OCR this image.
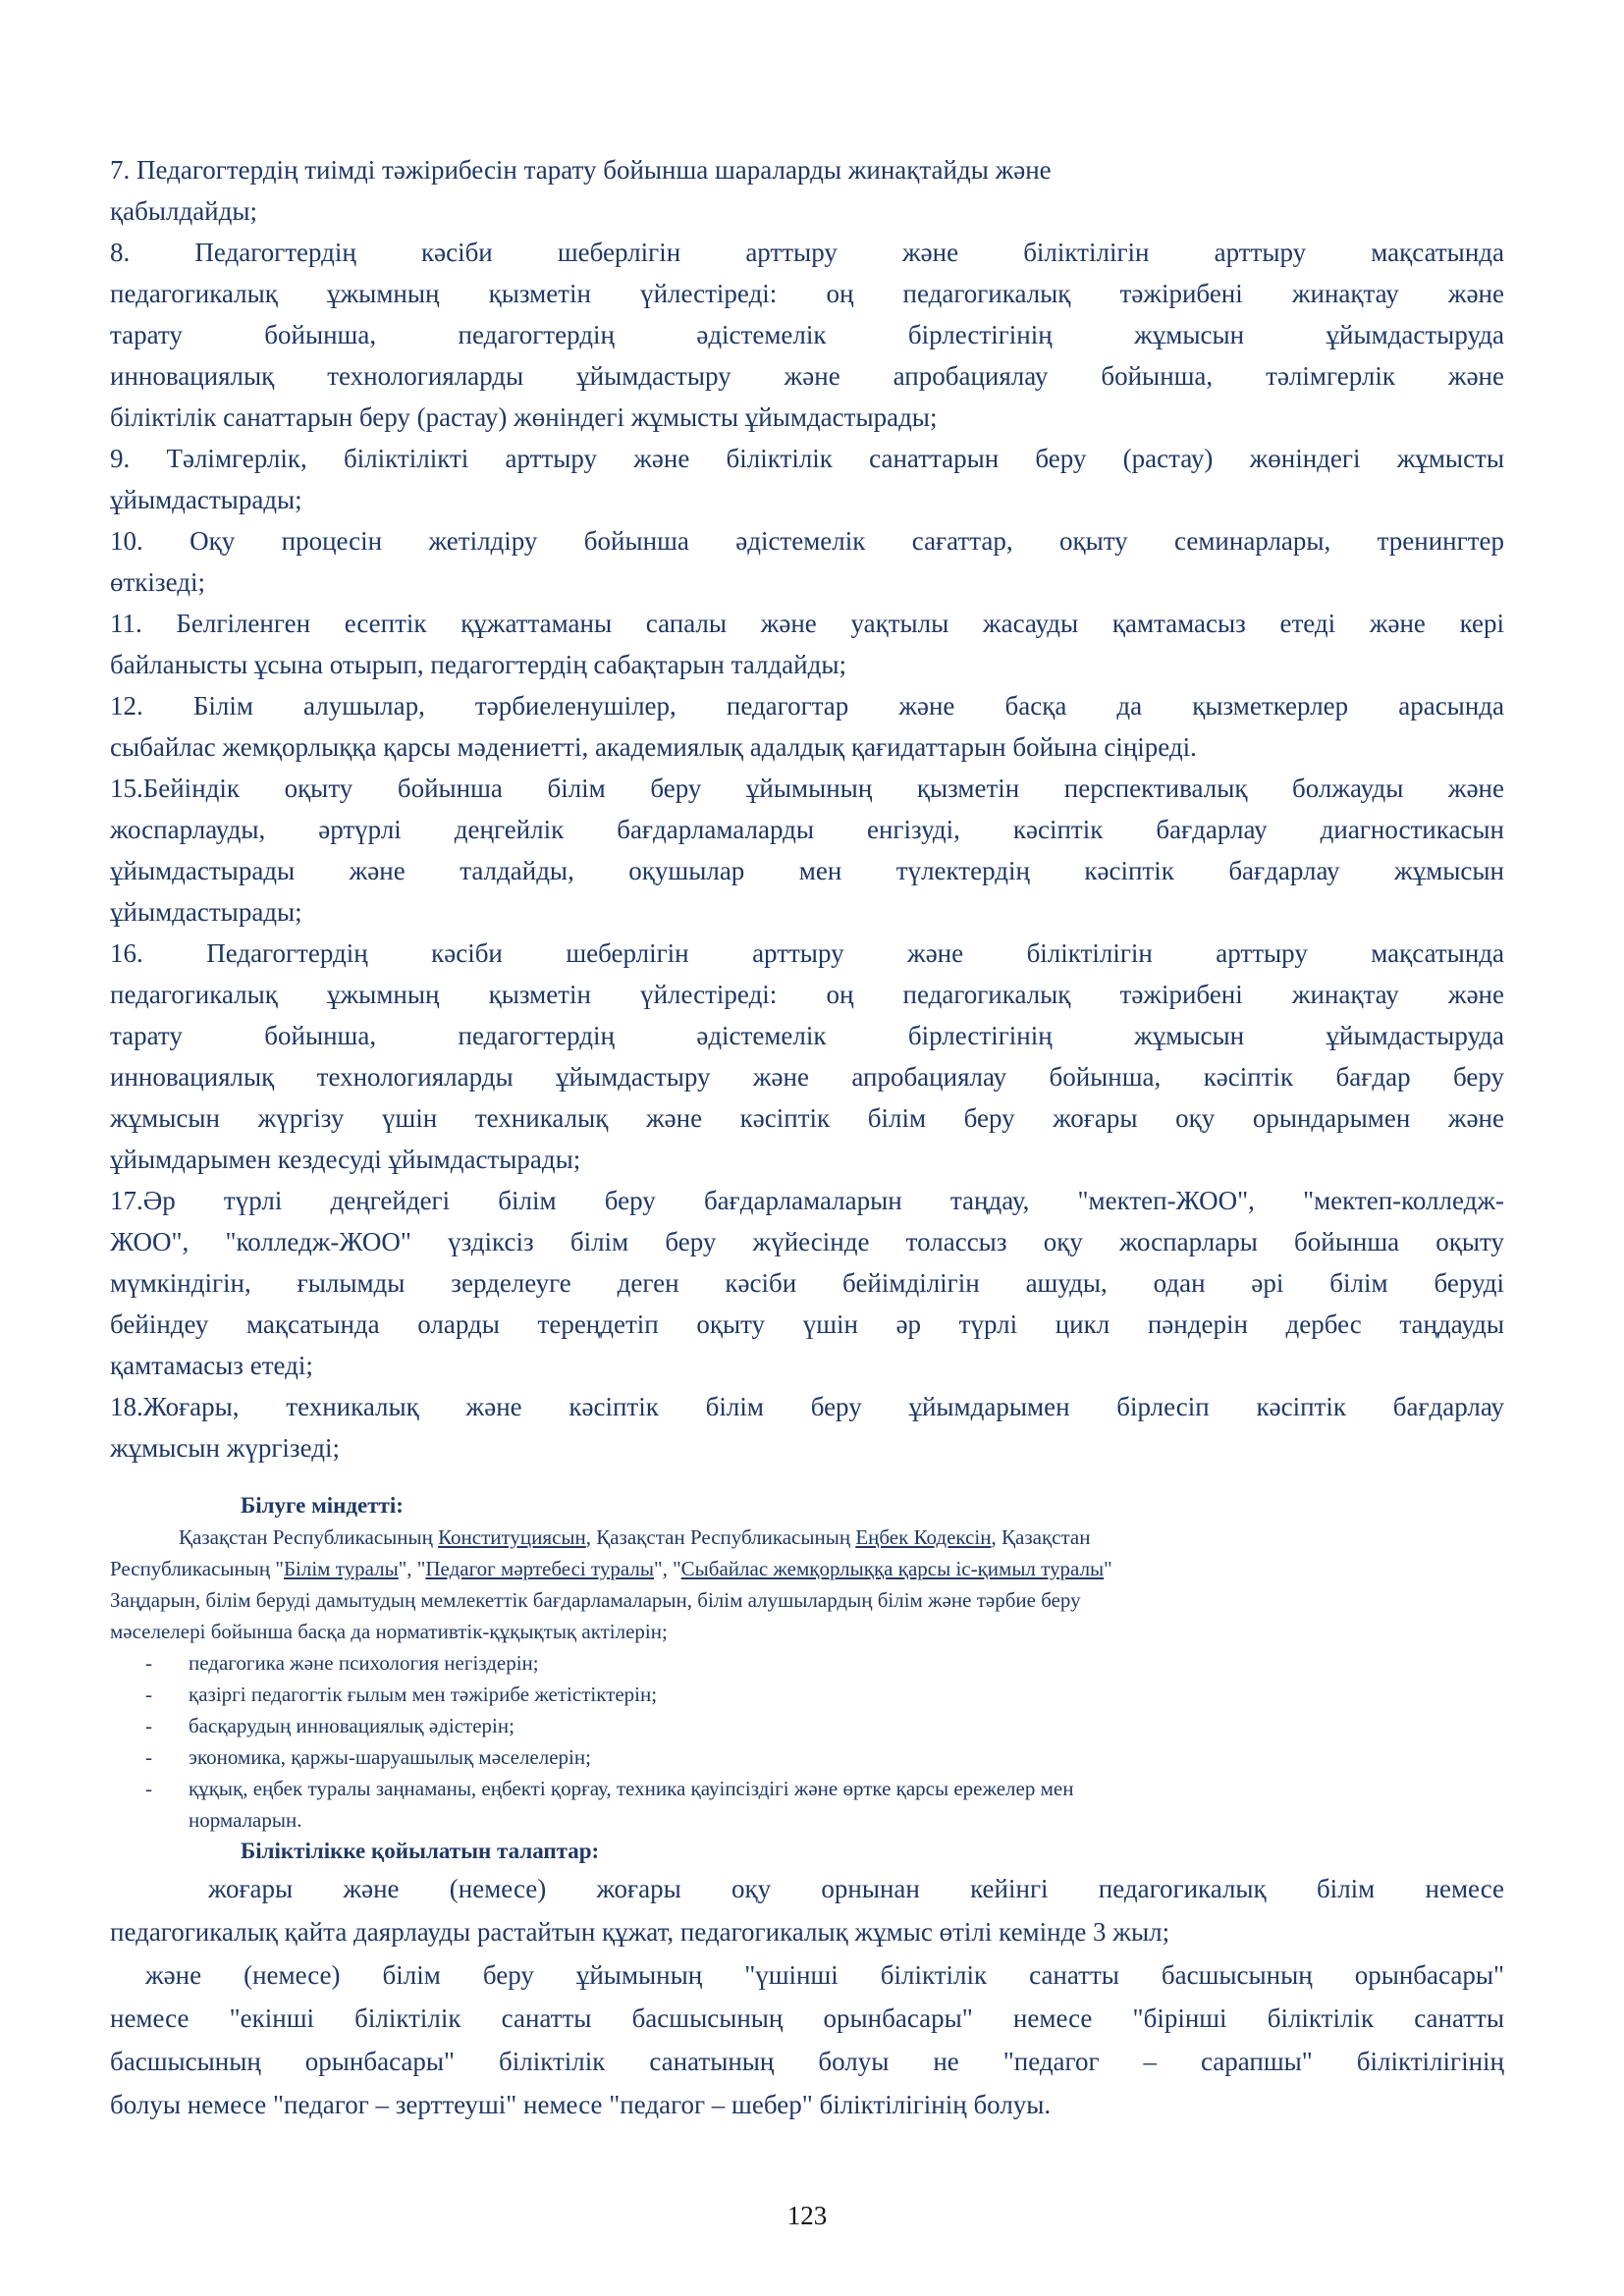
7. Педагогтердің тиімді тәжірибесін тарату бойынша шараларды жинақтайды және
қабылдайды;
8. Педагогтердің кәсіби шеберлігін арттыру және біліктілігін арттыру мақсатында
педагогикалық ұжымның қызметін үйлестіреді: оң педагогикалық тәжірибені жинақтау және
тарату бойынша, педагогтердің әдістемелік бірлестігінің жұмысын ұйымдастыруда
инновациялық технологияларды ұйымдастыру және апробациялау бойынша, тәлімгерлік және
біліктілік санаттарын беру (растау) жөніндегі жұмысты ұйымдастырады;
9. Тәлімгерлік, біліктілікті арттыру және біліктілік санаттарын беру (растау) жөніндегі жұмысты
ұйымдастырады;
10. Оқу процесін жетілдіру бойынша әдістемелік сағаттар, оқыту семинарлары, тренингтер
өткізеді;
11. Белгіленген есептік құжаттаманы сапалы және уақтылы жасауды қамтамасыз етеді және кері
байланысты ұсына отырып, педагогтердің сабақтарын талдайды;
12. Білім алушылар, тәрбиеленушілер, педагогтар және басқа да қызметкерлер арасында
сыбайлас жемқорлыққа қарсы мәдениетті, академиялық адалдық қағидаттарын бойына сіңіреді.
15.Бейіндік оқыту бойынша білім беру ұйымының қызметін перспективалық болжауды және
жоспарлауды, әртүрлі деңгейлік бағдарламаларды енгізуді, кәсіптік бағдарлау диагностикасын
ұйымдастырады және талдайды, оқушылар мен түлектердің кәсіптік бағдарлау жұмысын
ұйымдастырады;
16. Педагогтердің кәсіби шеберлігін арттыру және біліктілігін арттыру мақсатында
педагогикалық ұжымның қызметін үйлестіреді: оң педагогикалық тәжірибені жинақтау және
тарату бойынша, педагогтердің әдістемелік бірлестігінің жұмысын ұйымдастыруда
инновациялық технологияларды ұйымдастыру және апробациялау бойынша, кәсіптік бағдар беру
жұмысын жүргізу үшін техникалық және кәсіптік білім беру жоғары оқу орындарымен және
ұйымдарымен кездесуді ұйымдастырады;
17.Әр түрлі деңгейдегі білім беру бағдарламаларын таңдау, "мектеп-ЖОО", "мектеп-колледж-
ЖОО", "колледж-ЖОО" үздіксіз білім беру жүйесінде толассыз оқу жоспарлары бойынша оқыту
мүмкіндігін, ғылымды зерделеуге деген кәсіби бейімділігін ашуды, одан әрі білім беруді
бейіндеу мақсатында оларды тереңдетіп оқыту үшін әр түрлі цикл пәндерін дербес таңдауды
қамтамасыз етеді;
18.Жоғары, техникалық және кәсіптік білім беру ұйымдарымен бірлесіп кәсіптік бағдарлау
жұмысын жүргізеді;
Білуге міндетті:
Қазақстан Республикасының Конституциясын, Қазақстан Республикасының Еңбек Кодексін, Қазақстан
Республикасының "Білім туралы", "Педагог мәртебесі туралы", "Сыбайлас жемқорлыққа қарсы іс-қимыл туралы"
Заңдарын, білім беруді дамытудың мемлекеттік бағдарламаларын, білім алушылардың білім және тәрбие беру
мәселелері бойынша басқа да нормативтік-құқықтық актілерін;
-	педагогика және психология негіздерін;
-	қазіргі педагогтік ғылым мен тәжірибе жетістіктерін;
-	басқарудың инновациялық әдістерін;
-	экономика, қаржы-шаруашылық мәселелерін;
-	құқық, еңбек туралы заңнаманы, еңбекті қорғау, техника қауіпсіздігі және өртке қарсы ережелер мен
нормаларын.
Біліктілікке қойылатын талаптар:
жоғары және (немесе) жоғары оқу орнынан кейінгі педагогикалық білім немесе
педагогикалық қайта даярлауды растайтын құжат, педагогикалық жұмыс өтілі кемінде 3 жыл;
және (немесе) білім беру ұйымының "үшінші біліктілік санатты басшысының орынбасары"
немесе "екінші біліктілік санатты басшысының орынбасары" немесе "бірінші біліктілік санатты
басшысының орынбасары" біліктілік санатының болуы не "педагог – сарапшы" біліктілігінің
болуы немесе "педагог – зерттеуші" немесе "педагог – шебер" біліктілігінің болуы.
123
